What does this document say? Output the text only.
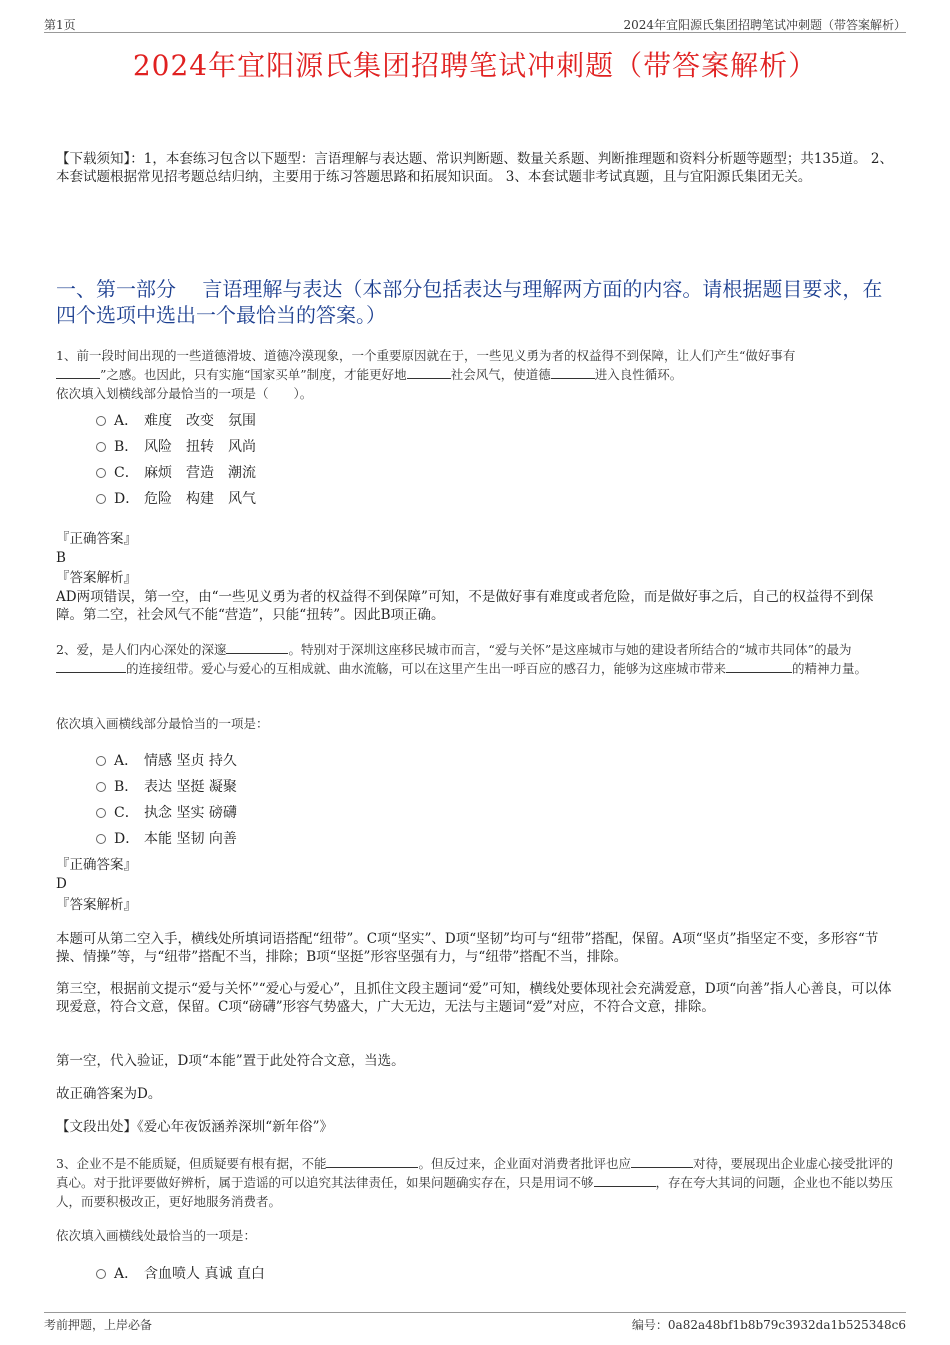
第1页	2024年宜阳源氏集团招聘笔试冲刺题（带答案解析）
2024年宜阳源氏集团招聘笔试冲刺题（带答案解析）
【下载须知】：1，本套练习包含以下题型：言语理解与表达题、常识判断题、数量关系题、判断推理题和资料分析题等题型；共135道。 2、本套试题根据常见招考题总结归纳，主要用于练习答题思路和拓展知识面。 3、本套试题非考试真题，且与宜阳源氏集团无关。
一、第一部分　 言语理解与表达（本部分包括表达与理解两方面的内容。请根据题目要求，在四个选项中选出一个最恰当的答案。）
1、前一段时间出现的一些道德滑坡、道德冷漠现象，一个重要原因就在于，一些见义勇为者的权益得不到保障，让人们产生“做好事有
”之感。也因此，只有实施“国家买单”制度，才能更好地	社会风气，使道德	进入良性循环。
依次填入划横线部分最恰当的一项是（　　）。
A． 难度　改变　氛围
B． 风险　扭转　风尚
C． 麻烦　营造　潮流
D． 危险　构建　风气
『正确答案』
B
『答案解析』
AD两项错误，第一空，由“一些见义勇为者的权益得不到保障”可知，不是做好事有难度或者危险，而是做好事之后，自己的权益得不到保障。第二空，社会风气不能“营造”，只能“扭转”。因此B项正确。
2、爱，是人们内心深处的深邃	。特别对于深圳这座移民城市而言，“爱与关怀”是这座城市与她的建设者所结合的“城市共同体”的最为的连接纽带。爱心与爱心的互相成就、曲水流觞，可以在这里产生出一呼百应的感召力，能够为这座城市带来	的精神力量。
依次填入画横线部分最恰当的一项是：
A． 情感 坚贞 持久
B． 表达 坚挺 凝聚
C． 执念 坚实 磅礴
D． 本能 坚韧 向善
『正确答案』
D
『答案解析』
本题可从第二空入手，横线处所填词语搭配“纽带”。C项“坚实”、D项“坚韧”均可与“纽带”搭配，保留。A项“坚贞”指坚定不变，多形容“节操、情操”等，与“纽带”搭配不当，排除；B项“坚挺”形容坚强有力，与“纽带”搭配不当，排除。
第三空，根据前文提示“爱与关怀”“爱心与爱心”，且抓住文段主题词“爱”可知，横线处要体现社会充满爱意，D项“向善”指人心善良，可以体现爱意，符合文意，保留。C项“磅礴”形容气势盛大，广大无边，无法与主题词“爱”对应，不符合文意，排除。
第一空，代入验证，D项“本能”置于此处符合文意，当选。
故正确答案为D。
【文段出处】《爱心年夜饭涵养深圳“新年俗”》
3、企业不是不能质疑，但质疑要有根有据，不能	。但反过来，企业面对消费者批评也应	对待，要展现出企业虚心接受批评的真心。对于批评要做好辨析，属于造谣的可以追究其法律责任，如果问题确实存在，只是用词不够	，存在夸大其词的问题，企业也不能以势压人，而要积极改正，更好地服务消费者。
依次填入画横线处最恰当的一项是：
A． 含血喷人 真诚 直白
考前押题，上岸必备	编号：0a82a48bf1b8b79c3932da1b525348c6
